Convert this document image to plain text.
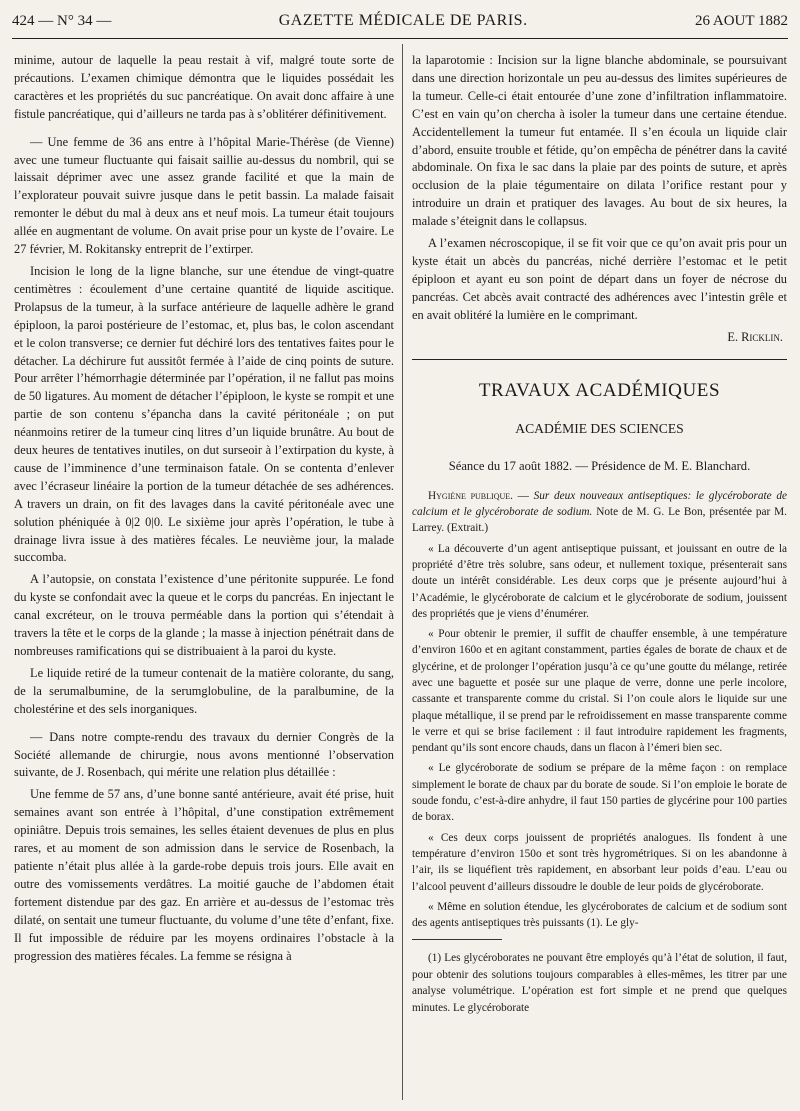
424 — N° 34 —	GAZETTE MÉDICALE DE PARIS.	26 AOUT 1882

minime, autour de laquelle la peau restait à vif, malgré toute sorte de précautions. L’examen chimique démontra que le liquides possédait les caractères et les propriétés du suc pancréatique. On avait donc affaire à une fistule pancréatique, qui d’ailleurs ne tarda pas à s’oblitérer définitivement.

— Une femme de 36 ans entre à l’hôpital Marie-Thérèse (de Vienne) avec une tumeur fluctuante qui faisait saillie au-dessus du nombril, qui se laissait déprimer avec une assez grande facilité et que la main de l’explorateur pouvait suivre jusque dans le petit bassin. La malade faisait remonter le début du mal à deux ans et neuf mois. La tumeur était toujours allée en augmentant de volume. On avait prise pour un kyste de l’ovaire. Le 27 février, M. Rokitansky entreprit de l’extirper.

Incision le long de la ligne blanche, sur une étendue de vingt-quatre centimètres : écoulement d’une certaine quantité de liquide ascitique. Prolapsus de la tumeur, à la surface antérieure de laquelle adhère le grand épiploon, la paroi postérieure de l’estomac, et, plus bas, le colon ascendant et le colon transverse; ce dernier fut déchiré lors des tentatives faites pour le détacher. La déchirure fut aussitôt fermée à l’aide de cinq points de suture. Pour arrêter l’hémorrhagie déterminée par l’opération, il ne fallut pas moins de 50 ligatures. Au moment de détacher l’épiploon, le kyste se rompit et une partie de son contenu s’épancha dans la cavité péritonéale ; on put néanmoins retirer de la tumeur cinq litres d’un liquide brunâtre. Au bout de deux heures de tentatives inutiles, on dut surseoir à l’extirpation du kyste, à cause de l’imminence d’une terminaison fatale. On se contenta d’enlever avec l’écraseur linéaire la portion de la tumeur détachée de ses adhérences. A travers un drain, on fit des lavages dans la cavité péritonéale avec une solution phéniquée à 0|2 0|0. Le sixième jour après l’opération, le tube à drainage livra issue à des matières fécales. Le neuvième jour, la malade succomba.

A l’autopsie, on constata l’existence d’une péritonite suppurée. Le fond du kyste se confondait avec la queue et le corps du pancréas. En injectant le canal excréteur, on le trouva perméable dans la portion qui s’étendait à travers la tête et le corps de la glande ; la masse à injection pénétrait dans de nombreuses ramifications qui se distribuaient à la paroi du kyste.

Le liquide retiré de la tumeur contenait de la matière colorante, du sang, de la serumalbumine, de la serumglobuline, de la paralbumine, de la cholestérine et des sels inorganiques.

— Dans notre compte-rendu des travaux du dernier Congrès de la Société allemande de chirurgie, nous avons mentionné l’observation suivante, de J. Rosenbach, qui mérite une relation plus détaillée :

Une femme de 57 ans, d’une bonne santé antérieure, avait été prise, huit semaines avant son entrée à l’hôpital, d’une constipation extrêmement opiniâtre. Depuis trois semaines, les selles étaient devenues de plus en plus rares, et au moment de son admission dans le service de Rosenbach, la patiente n’était plus allée à la garde-robe depuis trois jours. Elle avait en outre des vomissements verdâtres. La moitié gauche de l’abdomen était fortement distendue par des gaz. En arrière et au-dessus de l’estomac très dilaté, on sentait une tumeur fluctuante, du volume d’une tête d’enfant, fixe. Il fut impossible de réduire par les moyens ordinaires l’obstacle à la progression des matières fécales. La femme se résigna à

la laparotomie : Incision sur la ligne blanche abdominale, se poursuivant dans une direction horizontale un peu au-dessus des limites supérieures de la tumeur. Celle-ci était entourée d’une zone d’infiltration inflammatoire. C’est en vain qu’on chercha à isoler la tumeur dans une certaine étendue. Accidentellement la tumeur fut entamée. Il s’en écoula un liquide clair d’abord, ensuite trouble et fétide, qu’on empêcha de pénétrer dans la cavité abdominale. On fixa le sac dans la plaie par des points de suture, et après occlusion de la plaie tégumentaire on dilata l’orifice restant pour y introduire un drain et pratiquer des lavages. Au bout de six heures, la malade s’éteignit dans le collapsus.

A l’examen nécroscopique, il se fit voir que ce qu’on avait pris pour un kyste était un abcès du pancréas, niché derrière l’estomac et le petit épiploon et ayant eu son point de départ dans un foyer de nécrose du pancréas. Cet abcès avait contracté des adhérences avec l’intestin grêle et en avait oblitéré la lumière en le comprimant.

E. Ricklin.
TRAVAUX ACADÉMIQUES
ACADÉMIE DES SCIENCES
Séance du 17 août 1882. — Présidence de M. E. Blanchard.

Hygiène publique. — Sur deux nouveaux antiseptiques: le glycéroborate de calcium et le glycéroborate de sodium. Note de M. G. Le Bon, présentée par M. Larrey. (Extrait.)

« La découverte d’un agent antiseptique puissant, et jouissant en outre de la propriété d’être très solubre, sans odeur, et nullement toxique, présenterait sans doute un intérêt considérable. Les deux corps que je présente aujourd’hui à l’Académie, le glycéroborate de calcium et le glycéroborate de sodium, jouissent des propriétés que je viens d’énumérer.

« Pour obtenir le premier, il suffit de chauffer ensemble, à une température d’environ 160o et en agitant constamment, parties égales de borate de chaux et de glycérine, et de prolonger l’opération jusqu’à ce qu’une goutte du mélange, retirée avec une baguette et posée sur une plaque de verre, donne une perle incolore, cassante et transparente comme du cristal. Si l’on coule alors le liquide sur une plaque métallique, il se prend par le refroidissement en masse transparente comme le verre et qui se brise facilement : il faut introduire rapidement les fragments, pendant qu’ils sont encore chauds, dans un flacon à l’émeri bien sec.

« Le glycéroborate de sodium se prépare de la même façon : on remplace simplement le borate de chaux par du borate de soude. Si l’on emploie le borate de soude fondu, c’est-à-dire anhydre, il faut 150 parties de glycérine pour 100 parties de borax.

« Ces deux corps jouissent de propriétés analogues. Ils fondent à une température d’environ 150o et sont très hygrométriques. Si on les abandonne à l’air, ils se liquéfient très rapidement, en absorbant leur poids d’eau. L’eau ou l’alcool peuvent d’ailleurs dissoudre le double de leur poids de glycéroborate.

« Même en solution étendue, les glycéroborates de calcium et de sodium sont des agents antiseptiques très puissants (1). Le gly-

(1) Les glycéroborates ne pouvant être employés qu’à l’état de solution, il faut, pour obtenir des solutions toujours comparables à elles-mêmes, les titrer par une analyse volumétrique. L’opération est fort simple et ne prend que quelques minutes. Le glycéroborate
